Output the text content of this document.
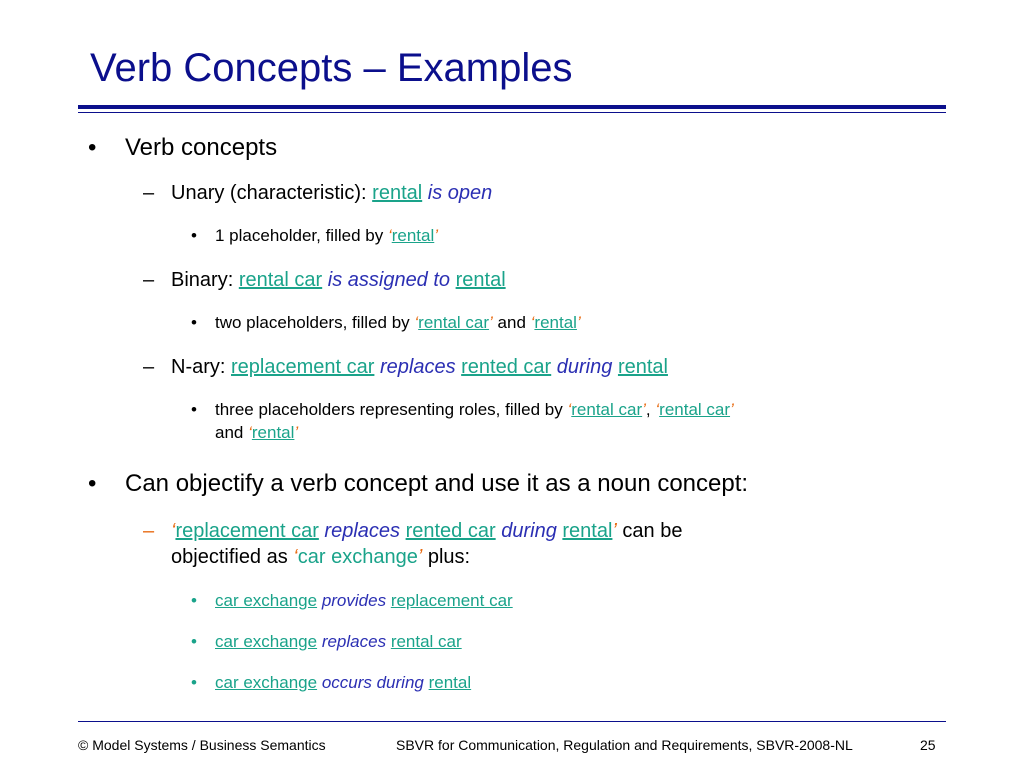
Verb Concepts – Examples
• Verb concepts
– Unary (characteristic): rental is open
• 1 placeholder, filled by ‘rental’
– Binary: rental car is assigned to rental
• two placeholders, filled by ‘rental car’ and ‘rental’
– N-ary: replacement car replaces rented car during rental
• three placeholders representing roles, filled by ‘rental car’, ‘rental car’
and ‘rental’
• Can objectify a verb concept and use it as a noun concept:
– ‘replacement car replaces rented car during rental’ can be
objectified as ‘car exchange’ plus:
• car exchange provides replacement car
• car exchange replaces rental car
• car exchange occurs during rental
© Model Systems / Business Semantics	SBVR for Communication, Regulation and Requirements, SBVR-2008-NL	25
